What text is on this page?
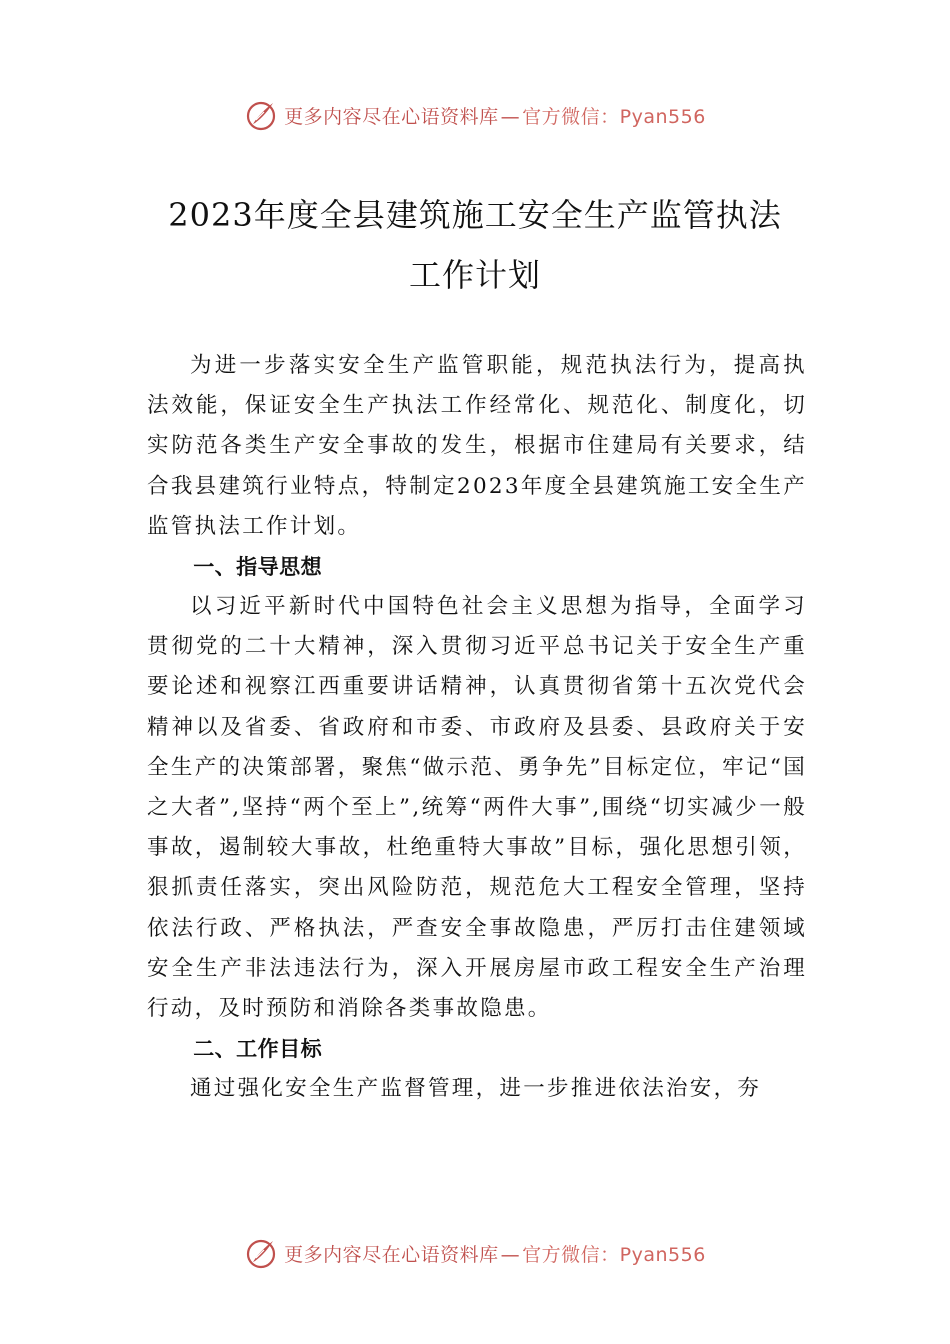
更多内容尽在心语资料库 — 官方微信：Pyan556
2023年度全县建筑施工安全生产监管执法
工作计划

为进一步落实安全生产监管职能，规范执法行为，提高执法效能，保证安全生产执法工作经常化、规范化、制度化，切实防范各类生产安全事故的发生，根据市住建局有关要求，结合我县建筑行业特点，特制定2023年度全县建筑施工安全生产监管执法工作计划。

一、指导思想

以习近平新时代中国特色社会主义思想为指导，全面学习贯彻党的二十大精神，深入贯彻习近平总书记关于安全生产重要论述和视察江西重要讲话精神，认真贯彻省第十五次党代会精神以及省委、省政府和市委、市政府及县委、县政府关于安全生产的决策部署，聚焦“做示范、勇争先”目标定位，牢记“国之大者”,坚持“两个至上”,统筹“两件大事”,围绕“切实减少一般事故，遏制较大事故，杜绝重特大事故”目标，强化思想引领，狠抓责任落实，突出风险防范，规范危大工程安全管理，坚持依法行政、严格执法，严查安全事故隐患，严厉打击住建领域安全生产非法违法行为，深入开展房屋市政工程安全生产治理行动，及时预防和消除各类事故隐患。

二、工作目标

通过强化安全生产监督管理，进一步推进依法治安，夯

更多内容尽在心语资料库 — 官方微信：Pyan556
